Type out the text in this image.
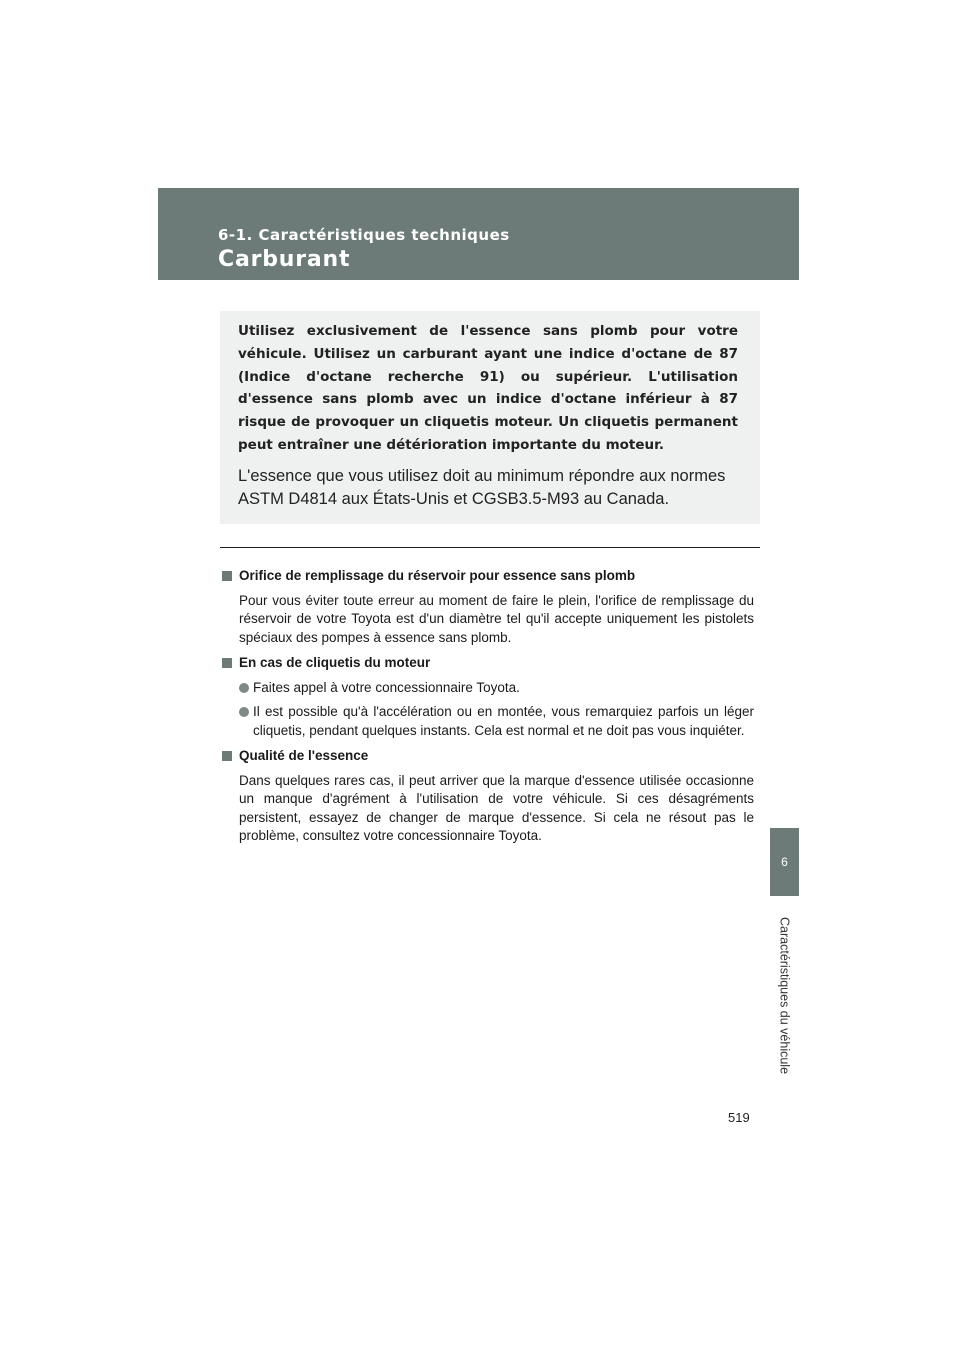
6-1. Caractéristiques techniques
Carburant
6
Caractéristiques du véhicule

Utilisez exclusivement de l'essence sans plomb pour votre véhicule. Utilisez un carburant ayant une indice d'octane de 87 (Indice d'octane recherche 91) ou supérieur. L'utilisation d'essence sans plomb avec un indice d'octane inférieur à 87 risque de provoquer un cliquetis moteur. Un cliquetis permanent peut entraîner une détérioration importante du moteur.

L'essence que vous utilisez doit au minimum répondre aux normes ASTM D4814 aux États-Unis et CGSB3.5-M93 au Canada.

Orifice de remplissage du réservoir pour essence sans plomb

Pour vous éviter toute erreur au moment de faire le plein, l'orifice de remplissage du réservoir de votre Toyota est d'un diamètre tel qu'il accepte uniquement les pistolets spéciaux des pompes à essence sans plomb.

En cas de cliquetis du moteur

Faites appel à votre concessionnaire Toyota.

Il est possible qu'à l'accélération ou en montée, vous remarquiez parfois un léger cliquetis, pendant quelques instants. Cela est normal et ne doit pas vous inquiéter.

Qualité de l'essence

Dans quelques rares cas, il peut arriver que la marque d'essence utilisée occasionne un manque d'agrément à l'utilisation de votre véhicule. Si ces désagréments persistent, essayez de changer de marque d'essence. Si cela ne résout pas le problème, consultez votre concessionnaire Toyota.

519
